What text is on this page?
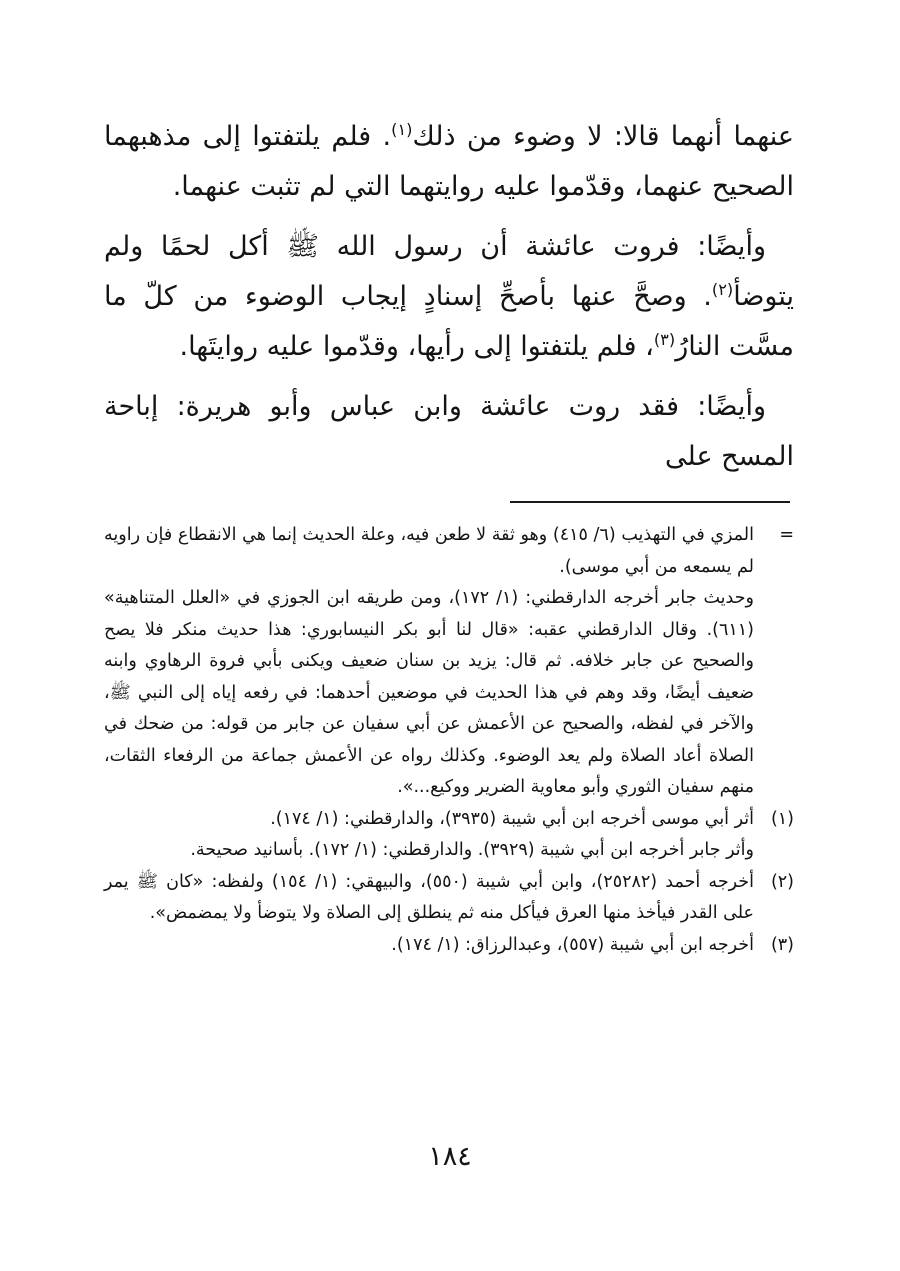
عنهما أنهما قالا: لا وضوء من ذلك$^{(١)}$. فلم يلتفتوا إلى مذهبهما الصحيح عنهما، وقدّموا عليه روايتهما التي لم تثبت عنهما.

وأيضًا: فروت عائشة أن رسول الله ﷺ أكل لحمًا ولم يتوضأ$^{(٢)}$. وصحَّ عنها بأصحِّ إسنادٍ إيجاب الوضوء من كلّ ما مسَّت النارُ$^{(٣)}$، فلم يلتفتوا إلى رأيها، وقدّموا عليه روايتَها.

وأيضًا: فقد روت عائشة وابن عباس وأبو هريرة: إباحة المسح على

=

المزي في التهذيب (٦/ ٤١٥) وهو ثقة لا طعن فيه، وعلة الحديث إنما هي الانقطاع فإن راويه لم يسمعه من أبي موسى).

وحديث جابر أخرجه الدارقطني: (١/ ١٧٢)، ومن طريقه ابن الجوزي في «العلل المتناهية» (٦١١). وقال الدارقطني عقبه: «قال لنا أبو بكر النيسابوري: هذا حديث منكر فلا يصح والصحيح عن جابر خلافه. ثم قال: يزيد بن سنان ضعيف ويكنى بأبي فروة الرهاوي وابنه ضعيف أيضًا، وقد وهم في هذا الحديث في موضعين أحدهما: في رفعه إياه إلى النبي ﷺ، والآخر في لفظه، والصحيح عن الأعمش عن أبي سفيان عن جابر من قوله: من ضحك في الصلاة أعاد الصلاة ولم يعد الوضوء. وكذلك رواه عن الأعمش جماعة من الرفعاء الثقات، منهم سفيان الثوري وأبو معاوية الضرير ووكيع...».

(١)

أثر أبي موسى أخرجه ابن أبي شيبة (٣٩٣٥)، والدارقطني: (١/ ١٧٤).

وأثر جابر أخرجه ابن أبي شيبة (٣٩٢٩). والدارقطني: (١/ ١٧٢). بأسانيد صحيحة.

(٢)

أخرجه أحمد (٢٥٢٨٢)، وابن أبي شيبة (٥٥٠)، والبيهقي: (١/ ١٥٤) ولفظه: «كان ﷺ يمر على القدر فيأخذ منها العرق فيأكل منه ثم ينطلق إلى الصلاة ولا يتوضأ ولا يمضمض».

(٣)

أخرجه ابن أبي شيبة (٥٥٧)، وعبدالرزاق: (١/ ١٧٤).

١٨٤
